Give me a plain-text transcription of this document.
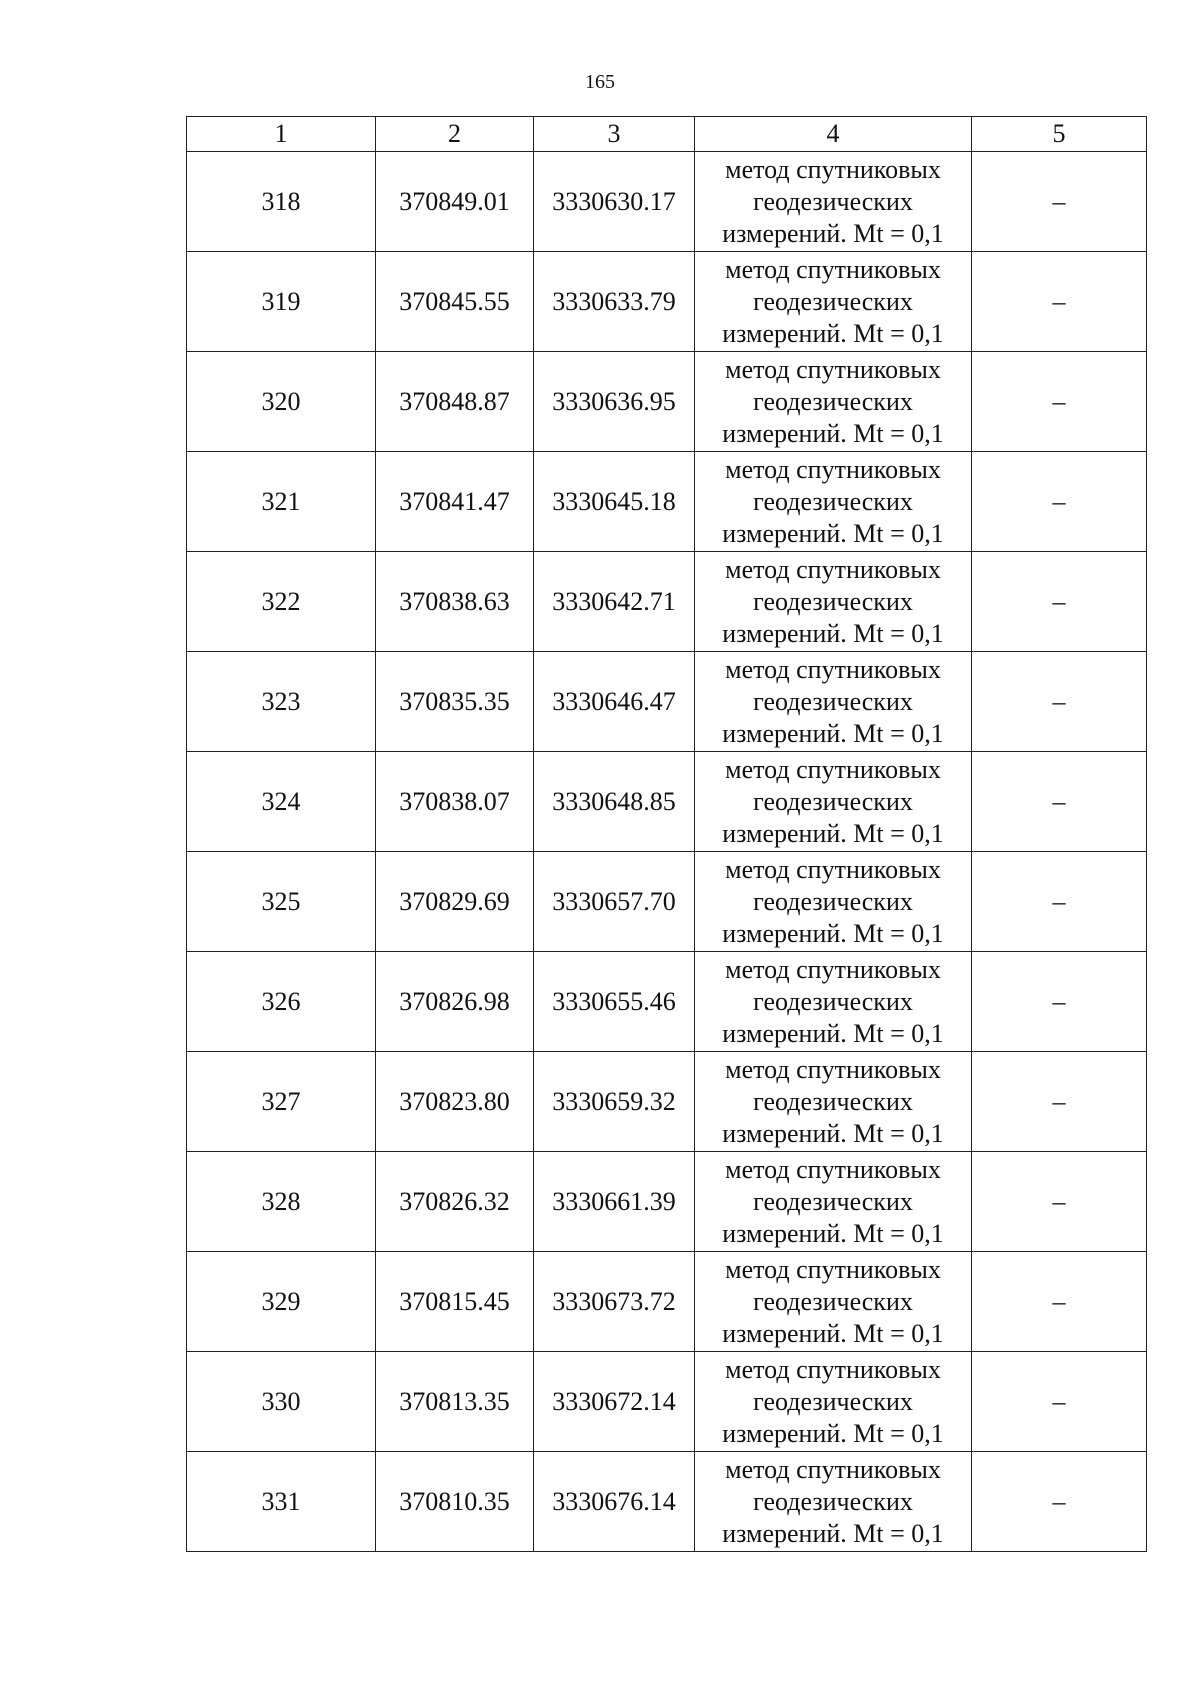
165
1	2	3	4	5
318	370849.01	3330630.17	метод спутниковых геодезических измерений. Mt = 0,1	–
319	370845.55	3330633.79	метод спутниковых геодезических измерений. Mt = 0,1	–
320	370848.87	3330636.95	метод спутниковых геодезических измерений. Mt = 0,1	–
321	370841.47	3330645.18	метод спутниковых геодезических измерений. Mt = 0,1	–
322	370838.63	3330642.71	метод спутниковых геодезических измерений. Mt = 0,1	–
323	370835.35	3330646.47	метод спутниковых геодезических измерений. Mt = 0,1	–
324	370838.07	3330648.85	метод спутниковых геодезических измерений. Mt = 0,1	–
325	370829.69	3330657.70	метод спутниковых геодезических измерений. Mt = 0,1	–
326	370826.98	3330655.46	метод спутниковых геодезических измерений. Mt = 0,1	–
327	370823.80	3330659.32	метод спутниковых геодезических измерений. Mt = 0,1	–
328	370826.32	3330661.39	метод спутниковых геодезических измерений. Mt = 0,1	–
329	370815.45	3330673.72	метод спутниковых геодезических измерений. Mt = 0,1	–
330	370813.35	3330672.14	метод спутниковых геодезических измерений. Mt = 0,1	–
331	370810.35	3330676.14	метод спутниковых геодезических измерений. Mt = 0,1	–
